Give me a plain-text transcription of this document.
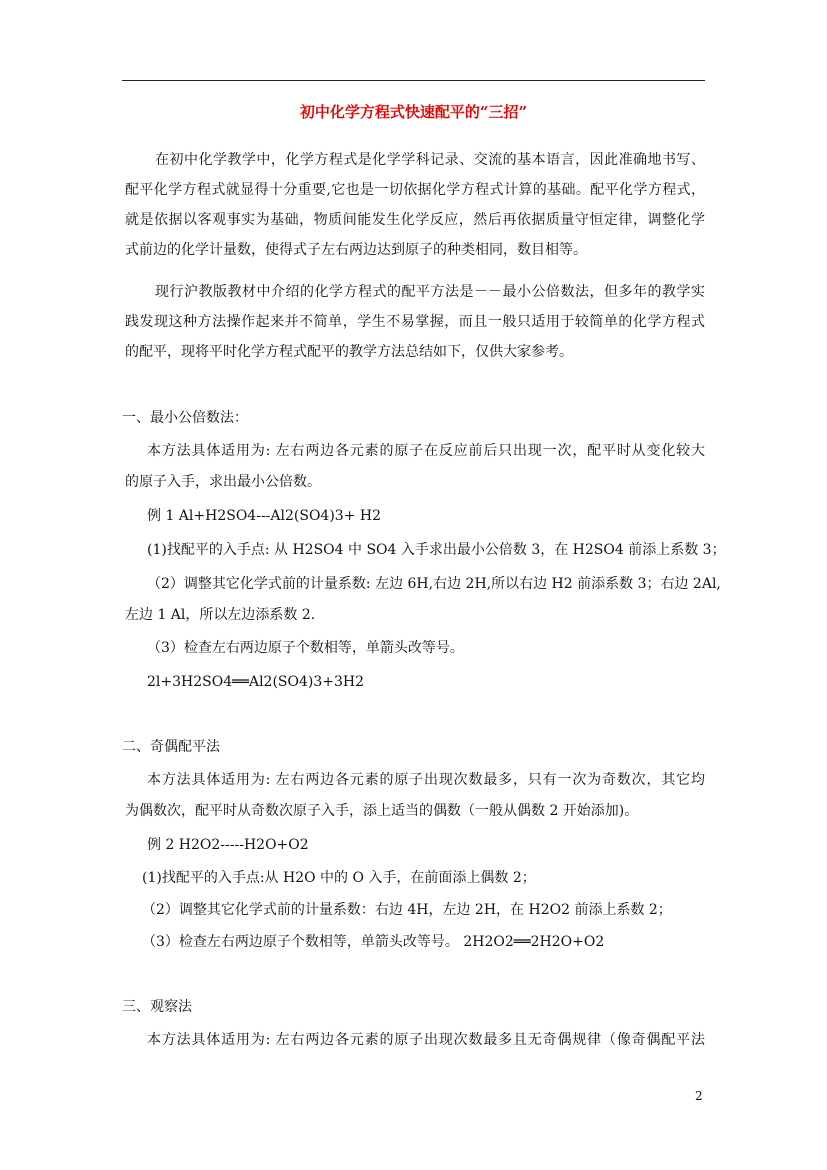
初中化学方程式快速配平的“三招”
在初中化学教学中，化学方程式是化学学科记录、交流的基本语言，因此准确地书写、
配平化学方程式就显得十分重要,它也是一切依据化学方程式计算的基础。配平化学方程式，
就是依据以客观事实为基础，物质间能发生化学反应，然后再依据质量守恒定律，调整化学
式前边的化学计量数，使得式子左右两边达到原子的种类相同，数目相等。
现行沪教版教材中介绍的化学方程式的配平方法是－－最小公倍数法，但多年的教学实
践发现这种方法操作起来并不简单，学生不易掌握，而且一般只适用于较简单的化学方程式
的配平，现将平时化学方程式配平的教学方法总结如下，仅供大家参考。
一、最小公倍数法：
本方法具体适用为: 左右两边各元素的原子在反应前后只出现一次，配平时从变化较大
的原子入手，求出最小公倍数。
例 1 Al+H2SO4---Al2(SO4)3+ H2
(1)找配平的入手点: 从 H2SO4 中 SO4 入手求出最小公倍数 3，在 H2SO4 前添上系数 3；
（2）调整其它化学式前的计量系数: 左边 6H,右边 2H,所以右边 H2 前添系数 3；右边 2Al,
左边 1 Al，所以左边添系数 2.
（3）检查左右两边原子个数相等，单箭头改等号。
2l+3H2SO4══Al2(SO4)3+3H2
二、奇偶配平法
本方法具体适用为: 左右两边各元素的原子出现次数最多，只有一次为奇数次，其它均
为偶数次，配平时从奇数次原子入手，添上适当的偶数（一般从偶数 2 开始添加)。
例 2 H2O2-----H2O+O2
(1)找配平的入手点:从 H2O 中的 O 入手，在前面添上偶数 2；
（2）调整其它化学式前的计量系数：右边 4H，左边 2H，在 H2O2 前添上系数 2；
（3）检查左右两边原子个数相等，单箭头改等号。 2H2O2══2H2O+O2
三、观察法
本方法具体适用为: 左右两边各元素的原子出现次数最多且无奇偶规律（像奇偶配平法
2
